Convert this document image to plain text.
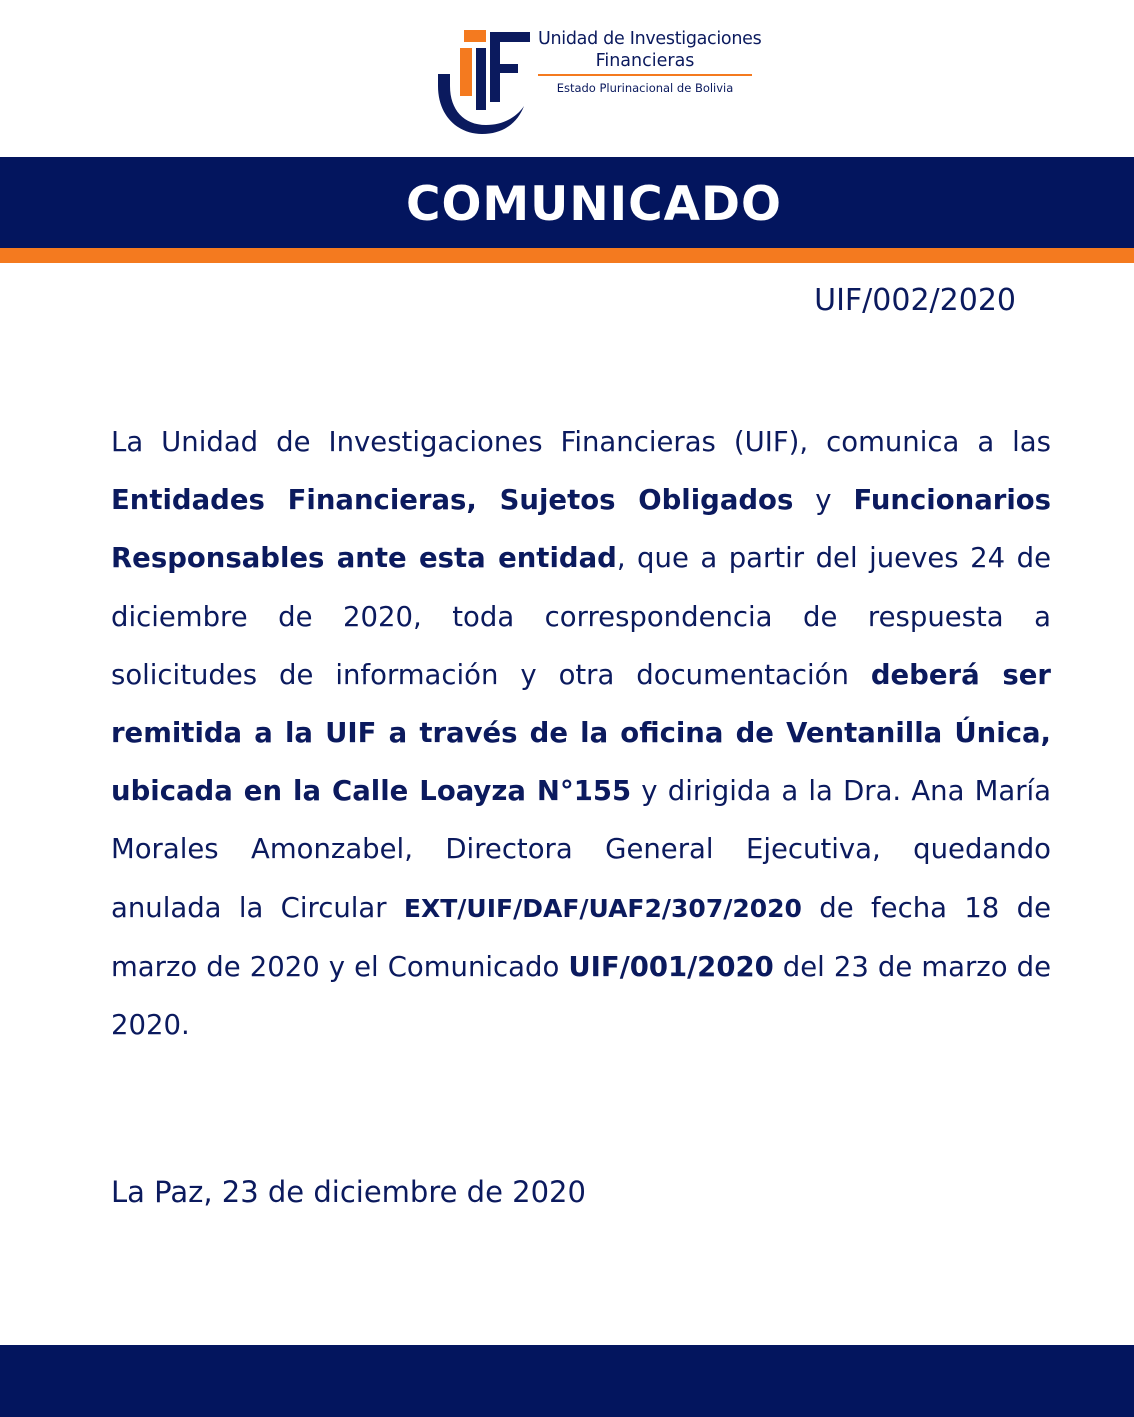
Unidad de Investigaciones
Financieras
Estado Plurinacional de Bolivia
COMUNICADO
UIF/002/2020
La Unidad de Investigaciones Financieras (UIF), comunica a las Entidades Financieras, Sujetos Obligados y Funcionarios Responsables ante esta entidad, que a partir del jueves 24 de diciembre de 2020, toda correspondencia de respuesta a solicitudes de información y otra documentación deberá ser remitida a la UIF a través de la oficina de Ventanilla Única, ubicada en la Calle Loayza N°155 y dirigida a la Dra. Ana María Morales Amonzabel, Directora General Ejecutiva, quedando anulada la Circular EXT/UIF/DAF/UAF2/307/2020 de fecha 18 de marzo de 2020 y el Comunicado UIF/001/2020 del 23 de marzo de 2020.
La Paz, 23 de diciembre de 2020
